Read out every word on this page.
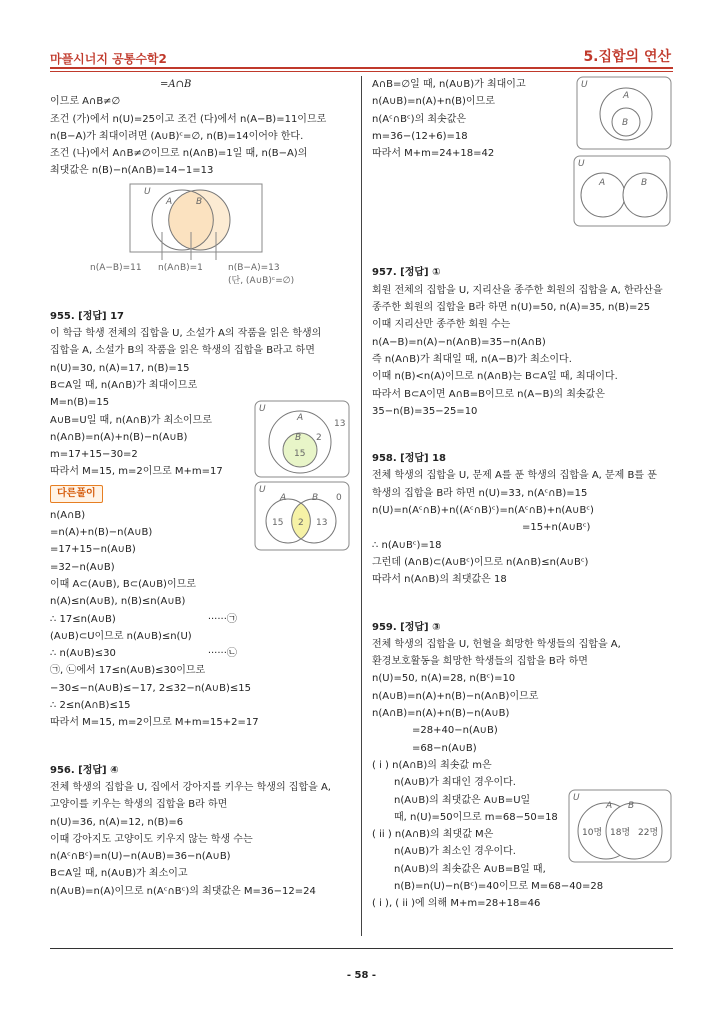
마플시너지 공통수학2	5.집합의 연산
=A∩B
이므로 A∩B≠∅
조건 (가)에서 n(U)=25이고 조건 (다)에서 n(A−B)=11이므로
n(B−A)가 최대이려면 (A∪B)ᶜ=∅, n(B)=14이어야 한다.
조건 (나)에서 A∩B≠∅이므로 n(A∩B)=1일 때, n(B−A)의
최댓값은 n(B)−n(A∩B)=14−1=13
955. [정답] 17
이 학급 학생 전체의 집합을 U, 소설가 A의 작품을 읽은 학생의
집합을 A, 소설가 B의 작품을 읽은 학생의 집합을 B라고 하면
n(U)=30, n(A)=17, n(B)=15
B⊂A일 때, n(A∩B)가 최대이므로
M=n(B)=15
A∪B=U일 때, n(A∩B)가 최소이므로
n(A∩B)=n(A)+n(B)−n(A∪B)
m=17+15−30=2
따라서 M=15, m=2이므로 M+m=17
다른풀이
n(A∩B)
=n(A)+n(B)−n(A∪B)
=17+15−n(A∪B)
=32−n(A∪B)
이때 A⊂(A∪B), B⊂(A∪B)이므로
n(A)≤n(A∪B), n(B)≤n(A∪B)
∴ 17≤n(A∪B)	······㉠
(A∪B)⊂U이므로 n(A∪B)≤n(U)
∴ n(A∪B)≤30	······㉡
㉠, ㉡에서 17≤n(A∪B)≤30이므로
−30≤−n(A∪B)≤−17, 2≤32−n(A∪B)≤15
∴ 2≤n(A∩B)≤15
따라서 M=15, m=2이므로 M+m=15+2=17
956. [정답] ④
전체 학생의 집합을 U, 집에서 강아지를 키우는 학생의 집합을 A,
고양이를 키우는 학생의 집합을 B라 하면
n(U)=36, n(A)=12, n(B)=6
이때 강아지도 고양이도 키우지 않는 학생 수는
n(Aᶜ∩Bᶜ)=n(U)−n(A∪B)=36−n(A∪B)
B⊂A일 때, n(A∪B)가 최소이고
n(A∪B)=n(A)이므로 n(Aᶜ∩Bᶜ)의 최댓값은 M=36−12=24
U
A	B
n(A−B)=11 n(A∩B)=1	n(B−A)=13
(단, (A∪B)ᶜ=∅)
U
A
B
13
2
15
U
A	B 0
15 2 13
A∩B=∅일 때, n(A∪B)가 최대이고
n(A∪B)=n(A)+n(B)이므로
n(Aᶜ∩Bᶜ)의 최솟값은
m=36−(12+6)=18
따라서 M+m=24+18=42
957. [정답] ①
회원 전체의 집합을 U, 지리산을 종주한 회원의 집합을 A, 한라산을
종주한 회원의 집합을 B라 하면 n(U)=50, n(A)=35, n(B)=25
이때 지리산만 종주한 회원 수는
n(A−B)=n(A)−n(A∩B)=35−n(A∩B)
즉 n(A∩B)가 최대일 때, n(A−B)가 최소이다.
이때 n(B)<n(A)이므로 n(A∩B)는 B⊂A일 때, 최대이다.
따라서 B⊂A이면 A∩B=B이므로 n(A−B)의 최솟값은
35−n(B)=35−25=10
958. [정답] 18
전체 학생의 집합을 U, 문제 A를 푼 학생의 집합을 A, 문제 B를 푼
학생의 집합을 B라 하면 n(U)=33, n(Aᶜ∩B)=15
n(U)=n(Aᶜ∩B)+n((Aᶜ∩B)ᶜ)=n(Aᶜ∩B)+n(A∪Bᶜ)
=15+n(A∪Bᶜ)
∴ n(A∪Bᶜ)=18
그런데 (A∩B)⊂(A∪Bᶜ)이므로 n(A∩B)≤n(A∪Bᶜ)
따라서 n(A∩B)의 최댓값은 18
959. [정답] ③
전체 학생의 집합을 U, 헌혈을 희망한 학생들의 집합을 A,
환경보호활동을 희망한 학생들의 집합을 B라 하면
n(U)=50, n(A)=28, n(Bᶜ)=10
n(A∪B)=n(A)+n(B)−n(A∩B)이므로
n(A∩B)=n(A)+n(B)−n(A∪B)
=28+40−n(A∪B)
=68−n(A∪B)
( i ) n(A∩B)의 최솟값 m은
n(A∪B)가 최대인 경우이다.
n(A∪B)의 최댓값은 A∪B=U일
때, n(U)=50이므로 m=68−50=18
( ii ) n(A∩B)의 최댓값 M은
n(A∪B)가 최소인 경우이다.
n(A∪B)의 최솟값은 A∪B=B일 때,
n(B)=n(U)−n(Bᶜ)=40이므로 M=68−40=28
( i ), ( ii )에 의해 M+m=28+18=46
U
A
B
U
A	B
U
A B
10명 18명 22명
- 58 -
